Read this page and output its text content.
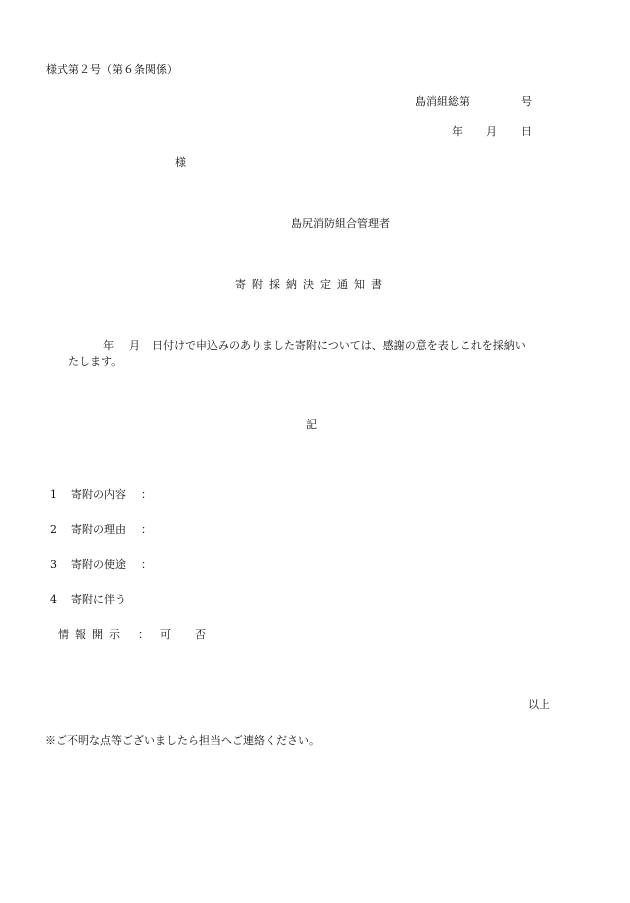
様式第２号（第６条関係）
島消組総第	号
年 月 日
様
島尻消防組合管理者
寄附採納決定通知書
年 月 日付けで申込みのありました寄附については、感謝の意を表しこれを採納い
たします。
記
1 寄附の内容 ：
2 寄附の理由 ：
3 寄附の使途 ：
4 寄附に伴う
情報開示 ： 可 否
以上
※ご不明な点等ございましたら担当へご連絡ください。
